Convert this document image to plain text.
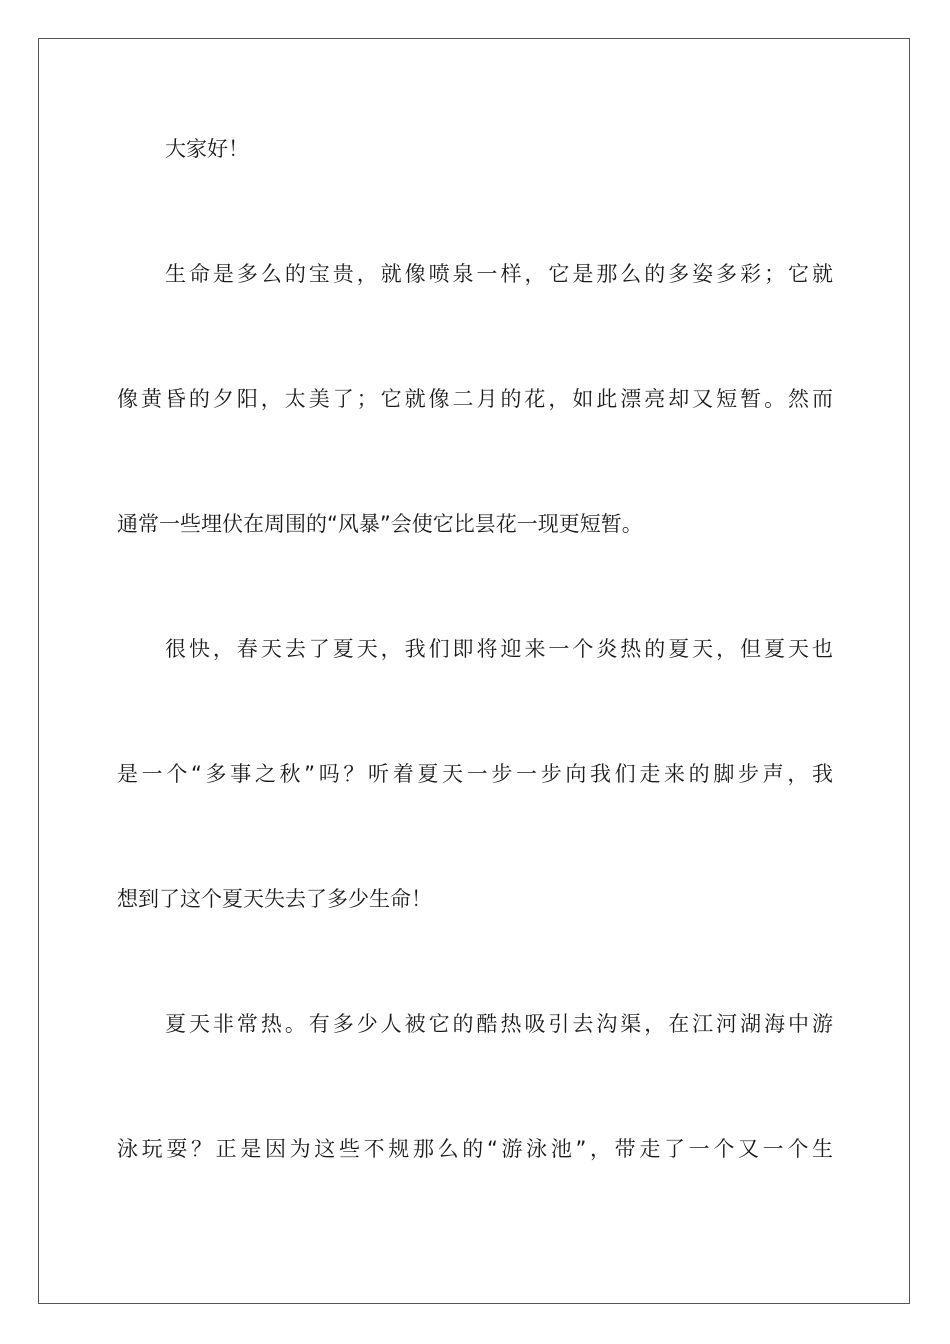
大家好！
生命是多么的宝贵，就像喷泉一样，它是那么的多姿多彩；它就
像黄昏的夕阳，太美了；它就像二月的花，如此漂亮却又短暂。然而
通常一些埋伏在周围的“风暴”会使它比昙花一现更短暂。
很快，春天去了夏天，我们即将迎来一个炎热的夏天，但夏天也
是一个“多事之秋”吗？听着夏天一步一步向我们走来的脚步声，我
想到了这个夏天失去了多少生命！
夏天非常热。有多少人被它的酷热吸引去沟渠，在江河湖海中游
泳玩耍？正是因为这些不规那么的“游泳池”，带走了一个又一个生
